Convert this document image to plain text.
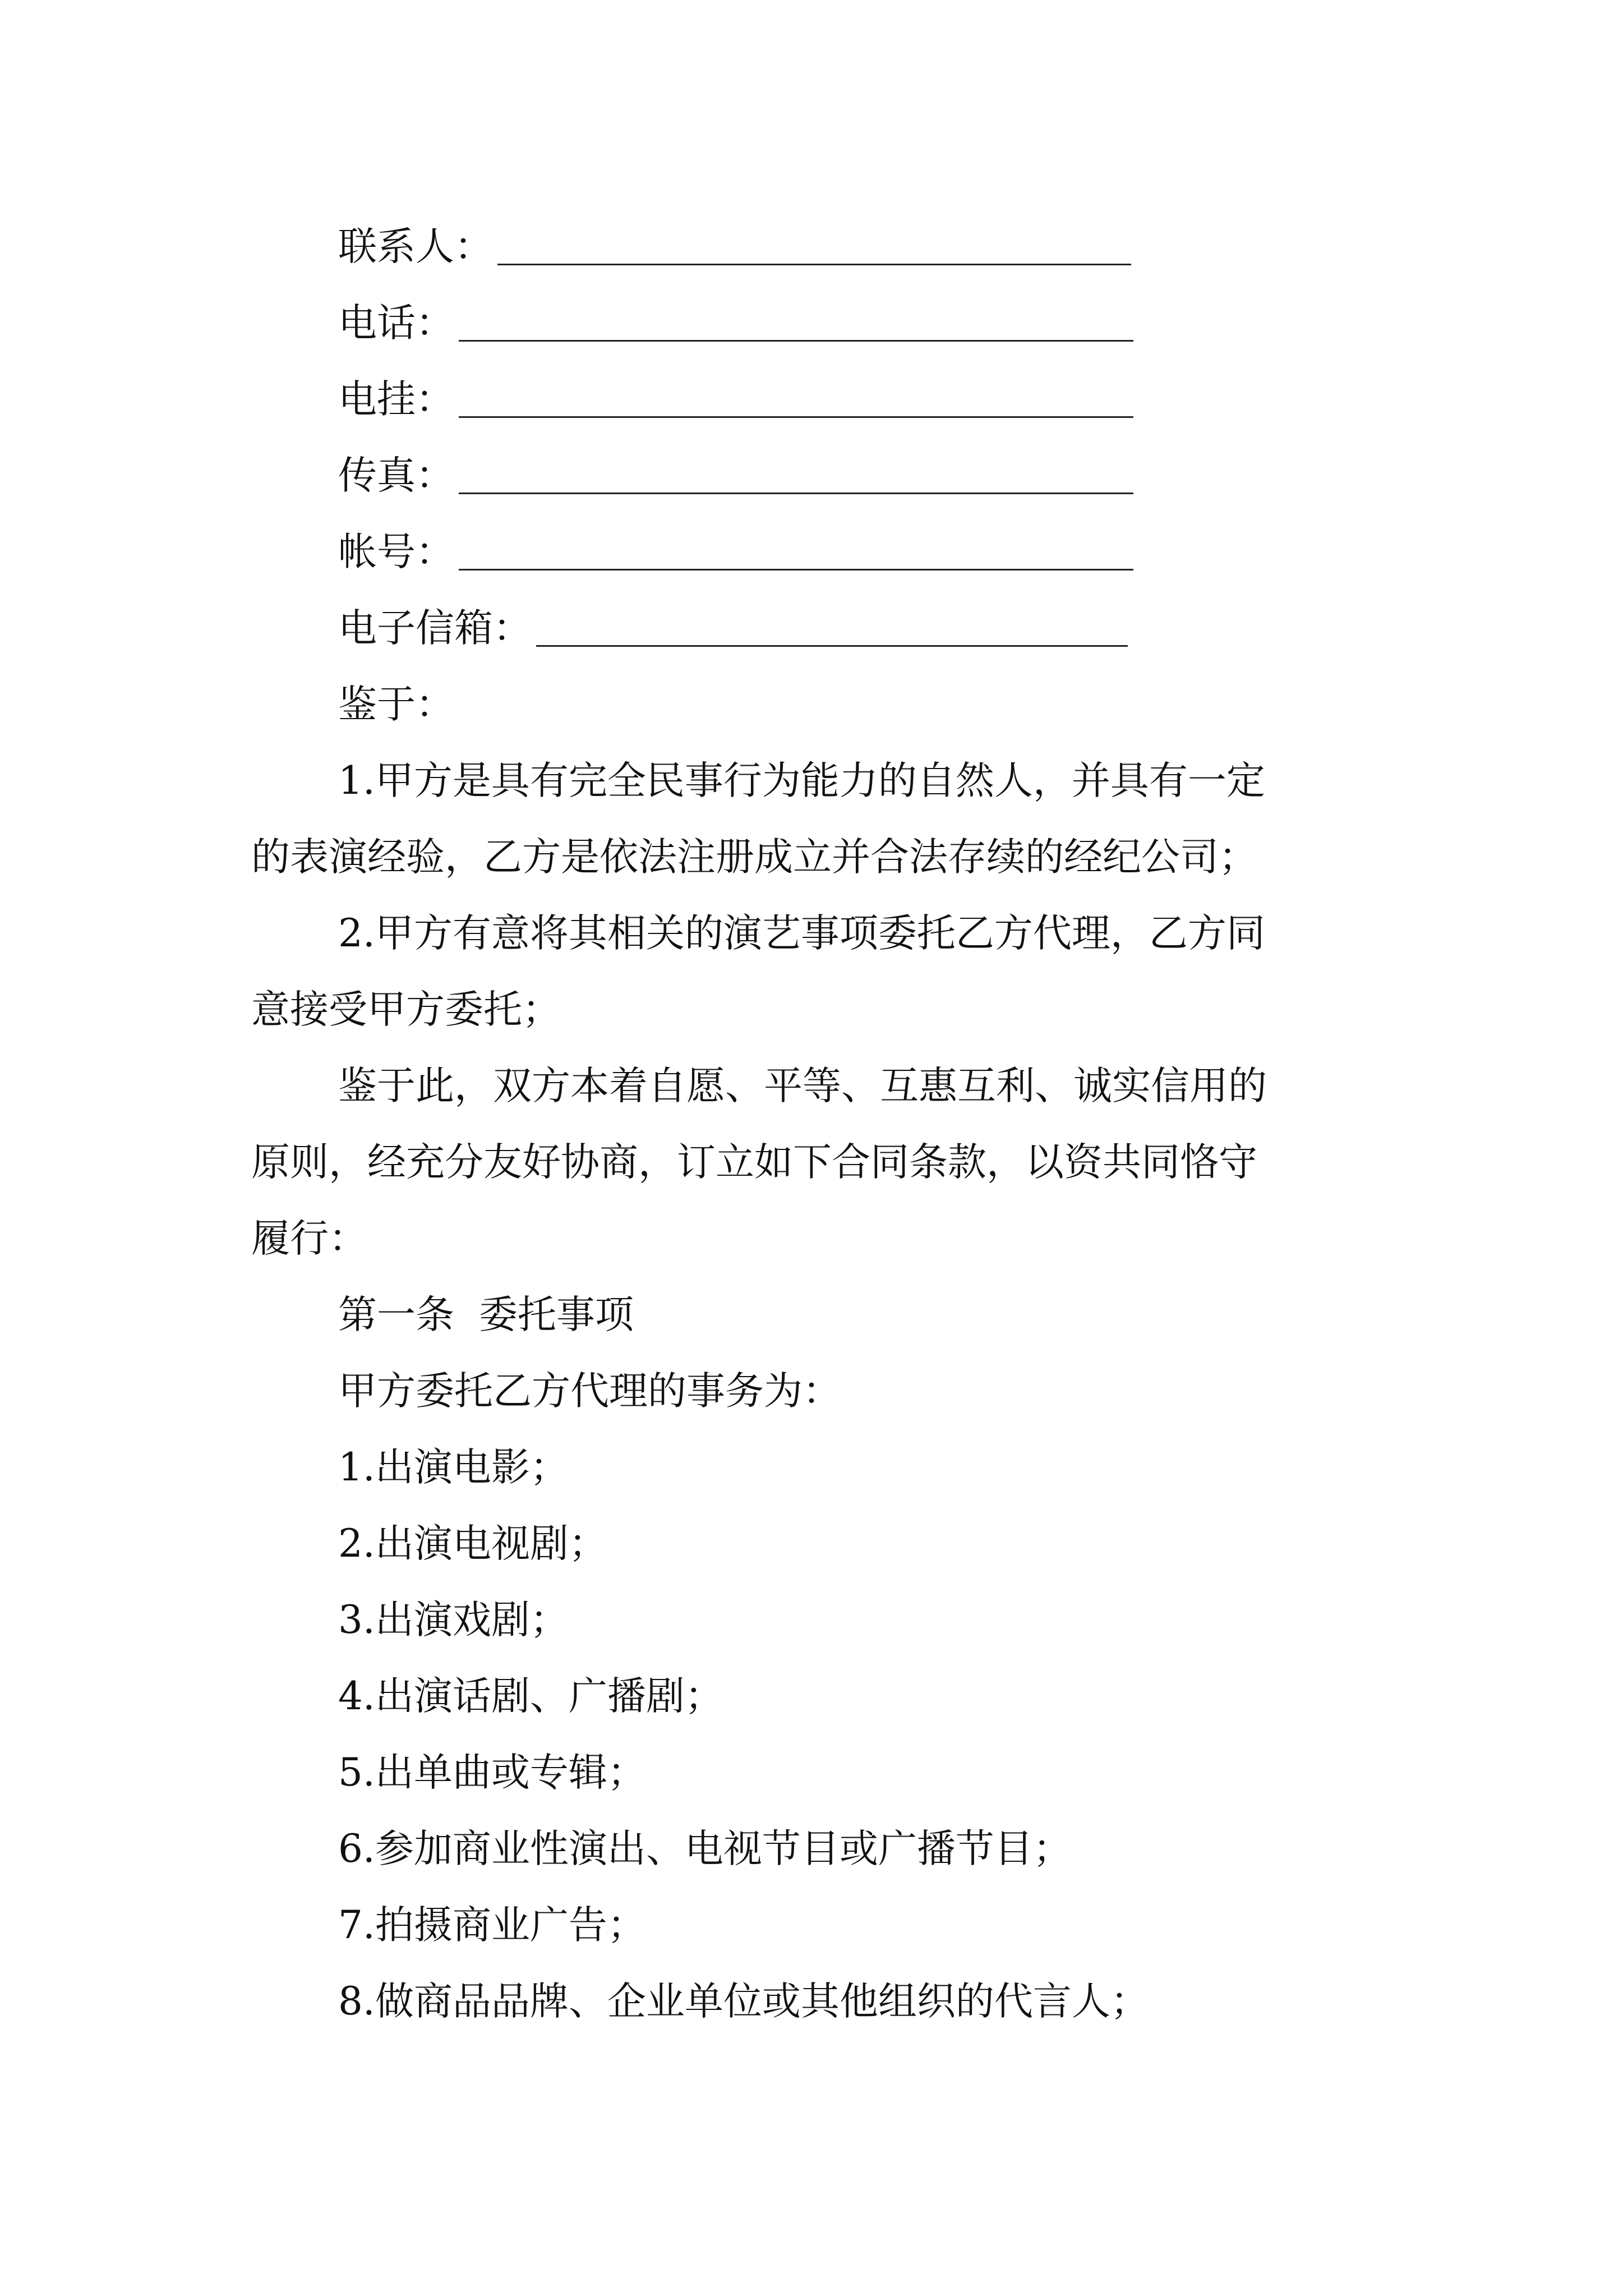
联系人：
电话：
电挂：
传真：
帐号：
电子信箱：
鉴于：
1.甲方是具有完全民事行为能力的自然人，并具有一定
的表演经验，乙方是依法注册成立并合法存续的经纪公司；
2.甲方有意将其相关的演艺事项委托乙方代理，乙方同
意接受甲方委托；
鉴于此，双方本着自愿、平等、互惠互利、诚实信用的
原则，经充分友好协商，订立如下合同条款，以资共同恪守
履行：
第一条  委托事项
甲方委托乙方代理的事务为：
1.出演电影；
2.出演电视剧；
3.出演戏剧；
4.出演话剧、广播剧；
5.出单曲或专辑；
6.参加商业性演出、电视节目或广播节目；
7.拍摄商业广告；
8.做商品品牌、企业单位或其他组织的代言人；
